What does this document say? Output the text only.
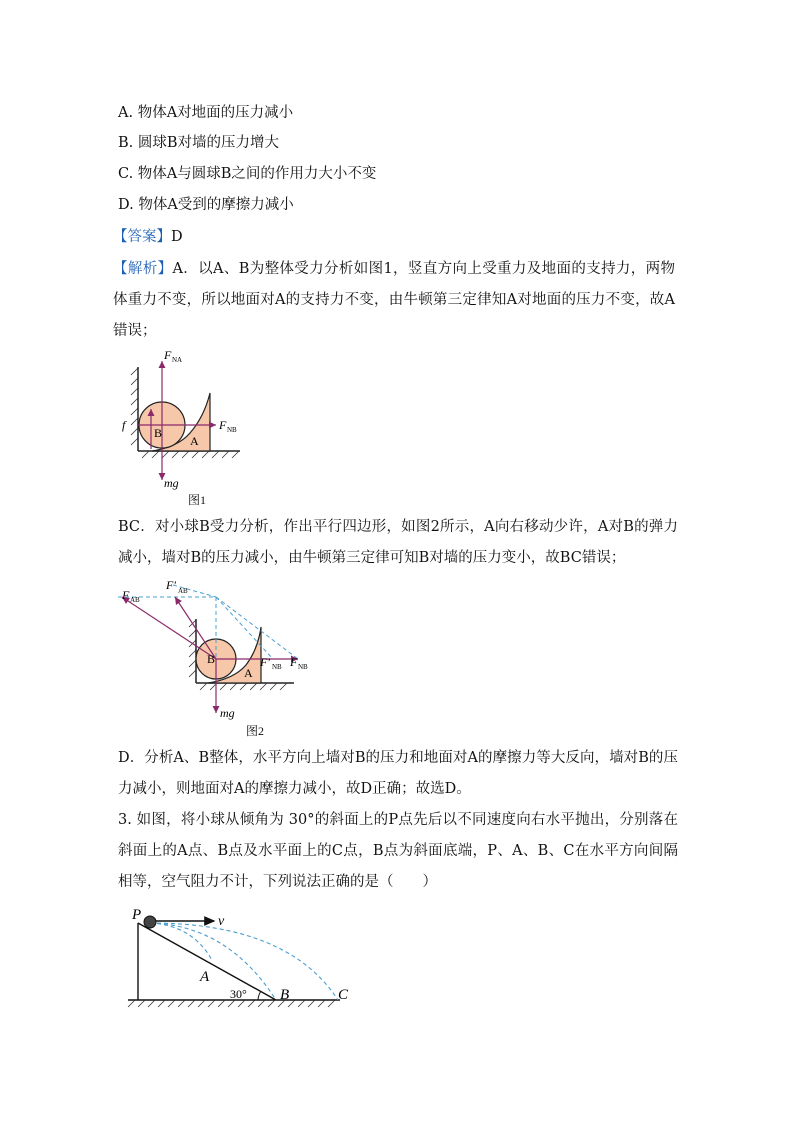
A. 物体A对地面的压力减小
B. 圆球B对墙的压力增大
C. 物体A与圆球B之间的作用力大小不变
D. 物体A受到的摩擦力减小
【答案】D
【解析】A．以A、B为整体受力分析如图1，竖直方向上受重力及地面的支持力，两物体重力不变，所以地面对A的支持力不变，由牛顿第三定律知A对地面的压力不变，故A错误；
F NA
F NB
f
mg
B
A
图1
BC．对小球B受力分析，作出平行四边形，如图2所示，A向右移动少许，A对B的弹力减小，墙对B的压力减小，由牛顿第三定律可知B对墙的压力变小，故BC错误；
F AB
F′ AB
F′ NB F NB
mg
B
A
图2
D．分析A、B整体，水平方向上墙对B的压力和地面对A的摩擦力等大反向，墙对B的压力减小，则地面对A的摩擦力减小，故D正确；故选D。
3. 如图，将小球从倾角为 30°的斜面上的P点先后以不同速度向右水平抛出，分别落在斜面上的A点、B点及水平面上的C点，B点为斜面底端，P、A、B、C在水平方向间隔相等，空气阻力不计，下列说法正确的是（　　）
P	v
A
B	C
30°
